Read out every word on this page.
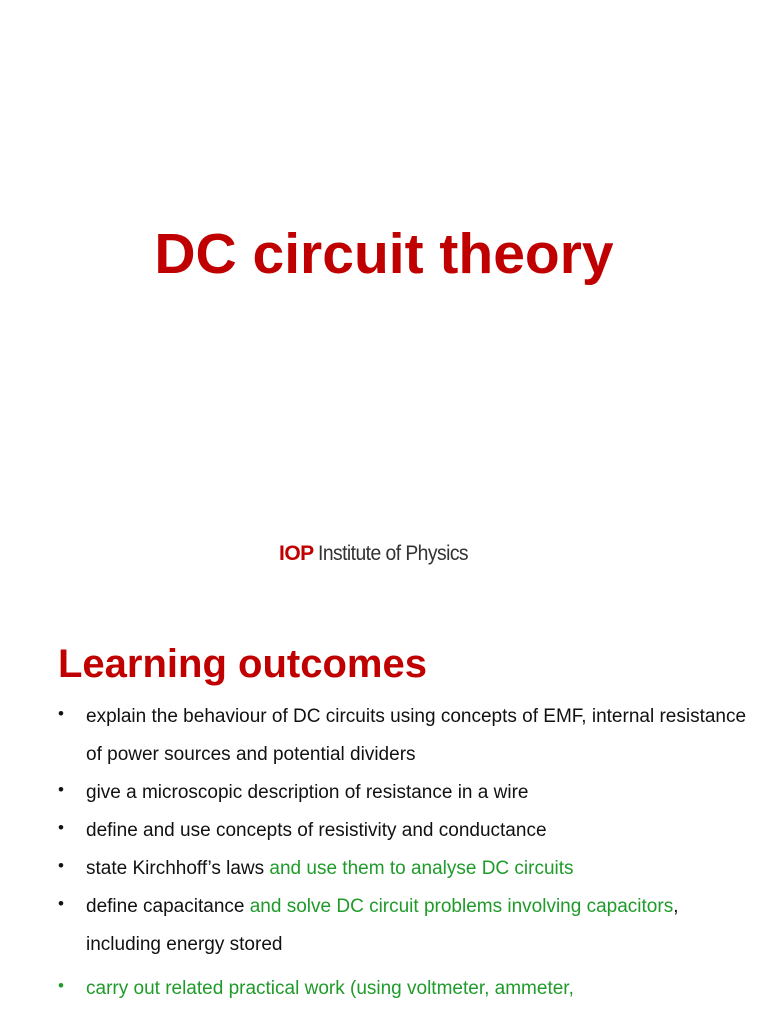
DC circuit theory
IOP Institute of Physics
Learning outcomes
• explain the behaviour of DC circuits using concepts of EMF, internal resistance of power sources and potential dividers
• give a microscopic description of resistance in a wire
• define and use concepts of resistivity and conductance
• state Kirchhoff’s laws and use them to analyse DC circuits
• define capacitance and solve DC circuit problems involving capacitors, including energy stored
• carry out related practical work (using voltmeter, ammeter,
